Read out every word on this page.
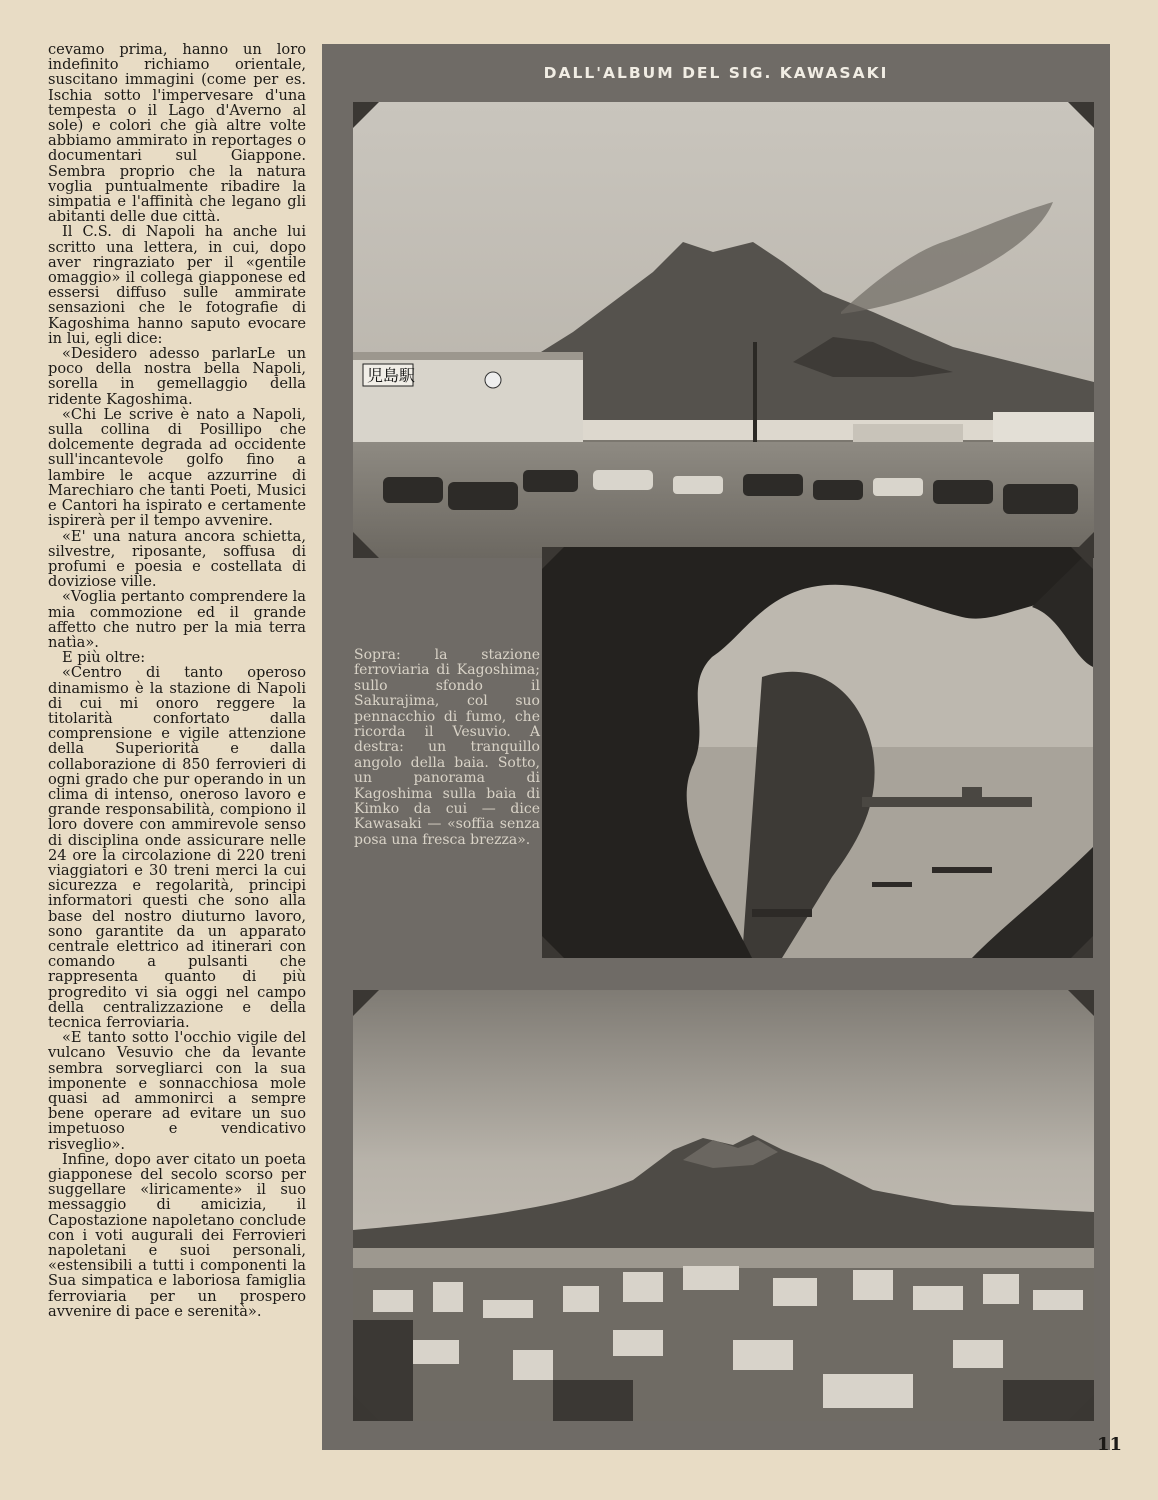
cevamo prima, hanno un loro indefinito richiamo orientale, suscitano immagini (come per es. Ischia sotto l'impervesare d'una tempesta o il Lago d'Averno al sole) e colori che già altre volte abbiamo ammirato in reportages o documentari sul Giappone. Sembra proprio che la natura voglia puntualmente ribadire la simpatia e l'affinità che legano gli abitanti delle due città.

Il C.S. di Napoli ha anche lui scritto una lettera, in cui, dopo aver ringraziato per il «gentile omaggio» il collega giapponese ed essersi diffuso sulle ammirate sensazioni che le fotografie di Kagoshima hanno saputo evocare in lui, egli dice:

«Desidero adesso parlarLe un poco della nostra bella Napoli, sorella in gemellaggio della ridente Kagoshima.

«Chi Le scrive è nato a Napoli, sulla collina di Posillipo che dolcemente degrada ad occidente sull'incantevole golfo fino a lambire le acque azzurrine di Marechiaro che tanti Poeti, Musici e Cantori ha ispirato e certamente ispirerà per il tempo avvenire.

«E' una natura ancora schietta, silvestre, riposante, soffusa di profumi e poesia e costellata di doviziose ville.

«Voglia pertanto comprendere la mia commozione ed il grande affetto che nutro per la mia terra natìa».

E più oltre:

«Centro di tanto operoso dinamismo è la stazione di Napoli di cui mi onoro reggere la titolarità confortato dalla comprensione e vigile attenzione della Superiorità e dalla collaborazione di 850 ferrovieri di ogni grado che pur operando in un clima di intenso, oneroso lavoro e grande responsabilità, compiono il loro dovere con ammirevole senso di disciplina onde assicurare nelle 24 ore la circolazione di 220 treni viaggiatori e 30 treni merci la cui sicurezza e regolarità, principi informatori questi che sono alla base del nostro diuturno lavoro, sono garantite da un apparato centrale elettrico ad itinerari con comando a pulsanti che rappresenta quanto di più progredito vi sia oggi nel campo della centralizzazione e della tecnica ferroviaria.

«E tanto sotto l'occhio vigile del vulcano Vesuvio che da levante sembra sorvegliarci con la sua imponente e sonnacchiosa mole quasi ad ammonirci a sempre bene operare ad evitare un suo impetuoso e vendicativo risveglio».

Infine, dopo aver citato un poeta giapponese del secolo scorso per suggellare «liricamente» il suo messaggio di amicizia, il Capostazione napoletano conclude con i voti augurali dei Ferrovieri napoletani e suoi personali, «estensibili a tutti i componenti la Sua simpatica e laboriosa famiglia ferroviaria per un prospero avvenire di pace e serenità».

DALL'ALBUM DEL SIG. KAWASAKI
児島駅
Sopra: la stazione ferroviaria di Kagoshima; sullo sfondo il Sakurajima, col suo pennacchio di fumo, che ricorda il Vesuvio. A destra: un tranquillo angolo della baia. Sotto, un panorama di Kagoshima sulla baia di Kimko da cui — dice Kawasaki — «soffia senza posa una fresca brezza».
11
